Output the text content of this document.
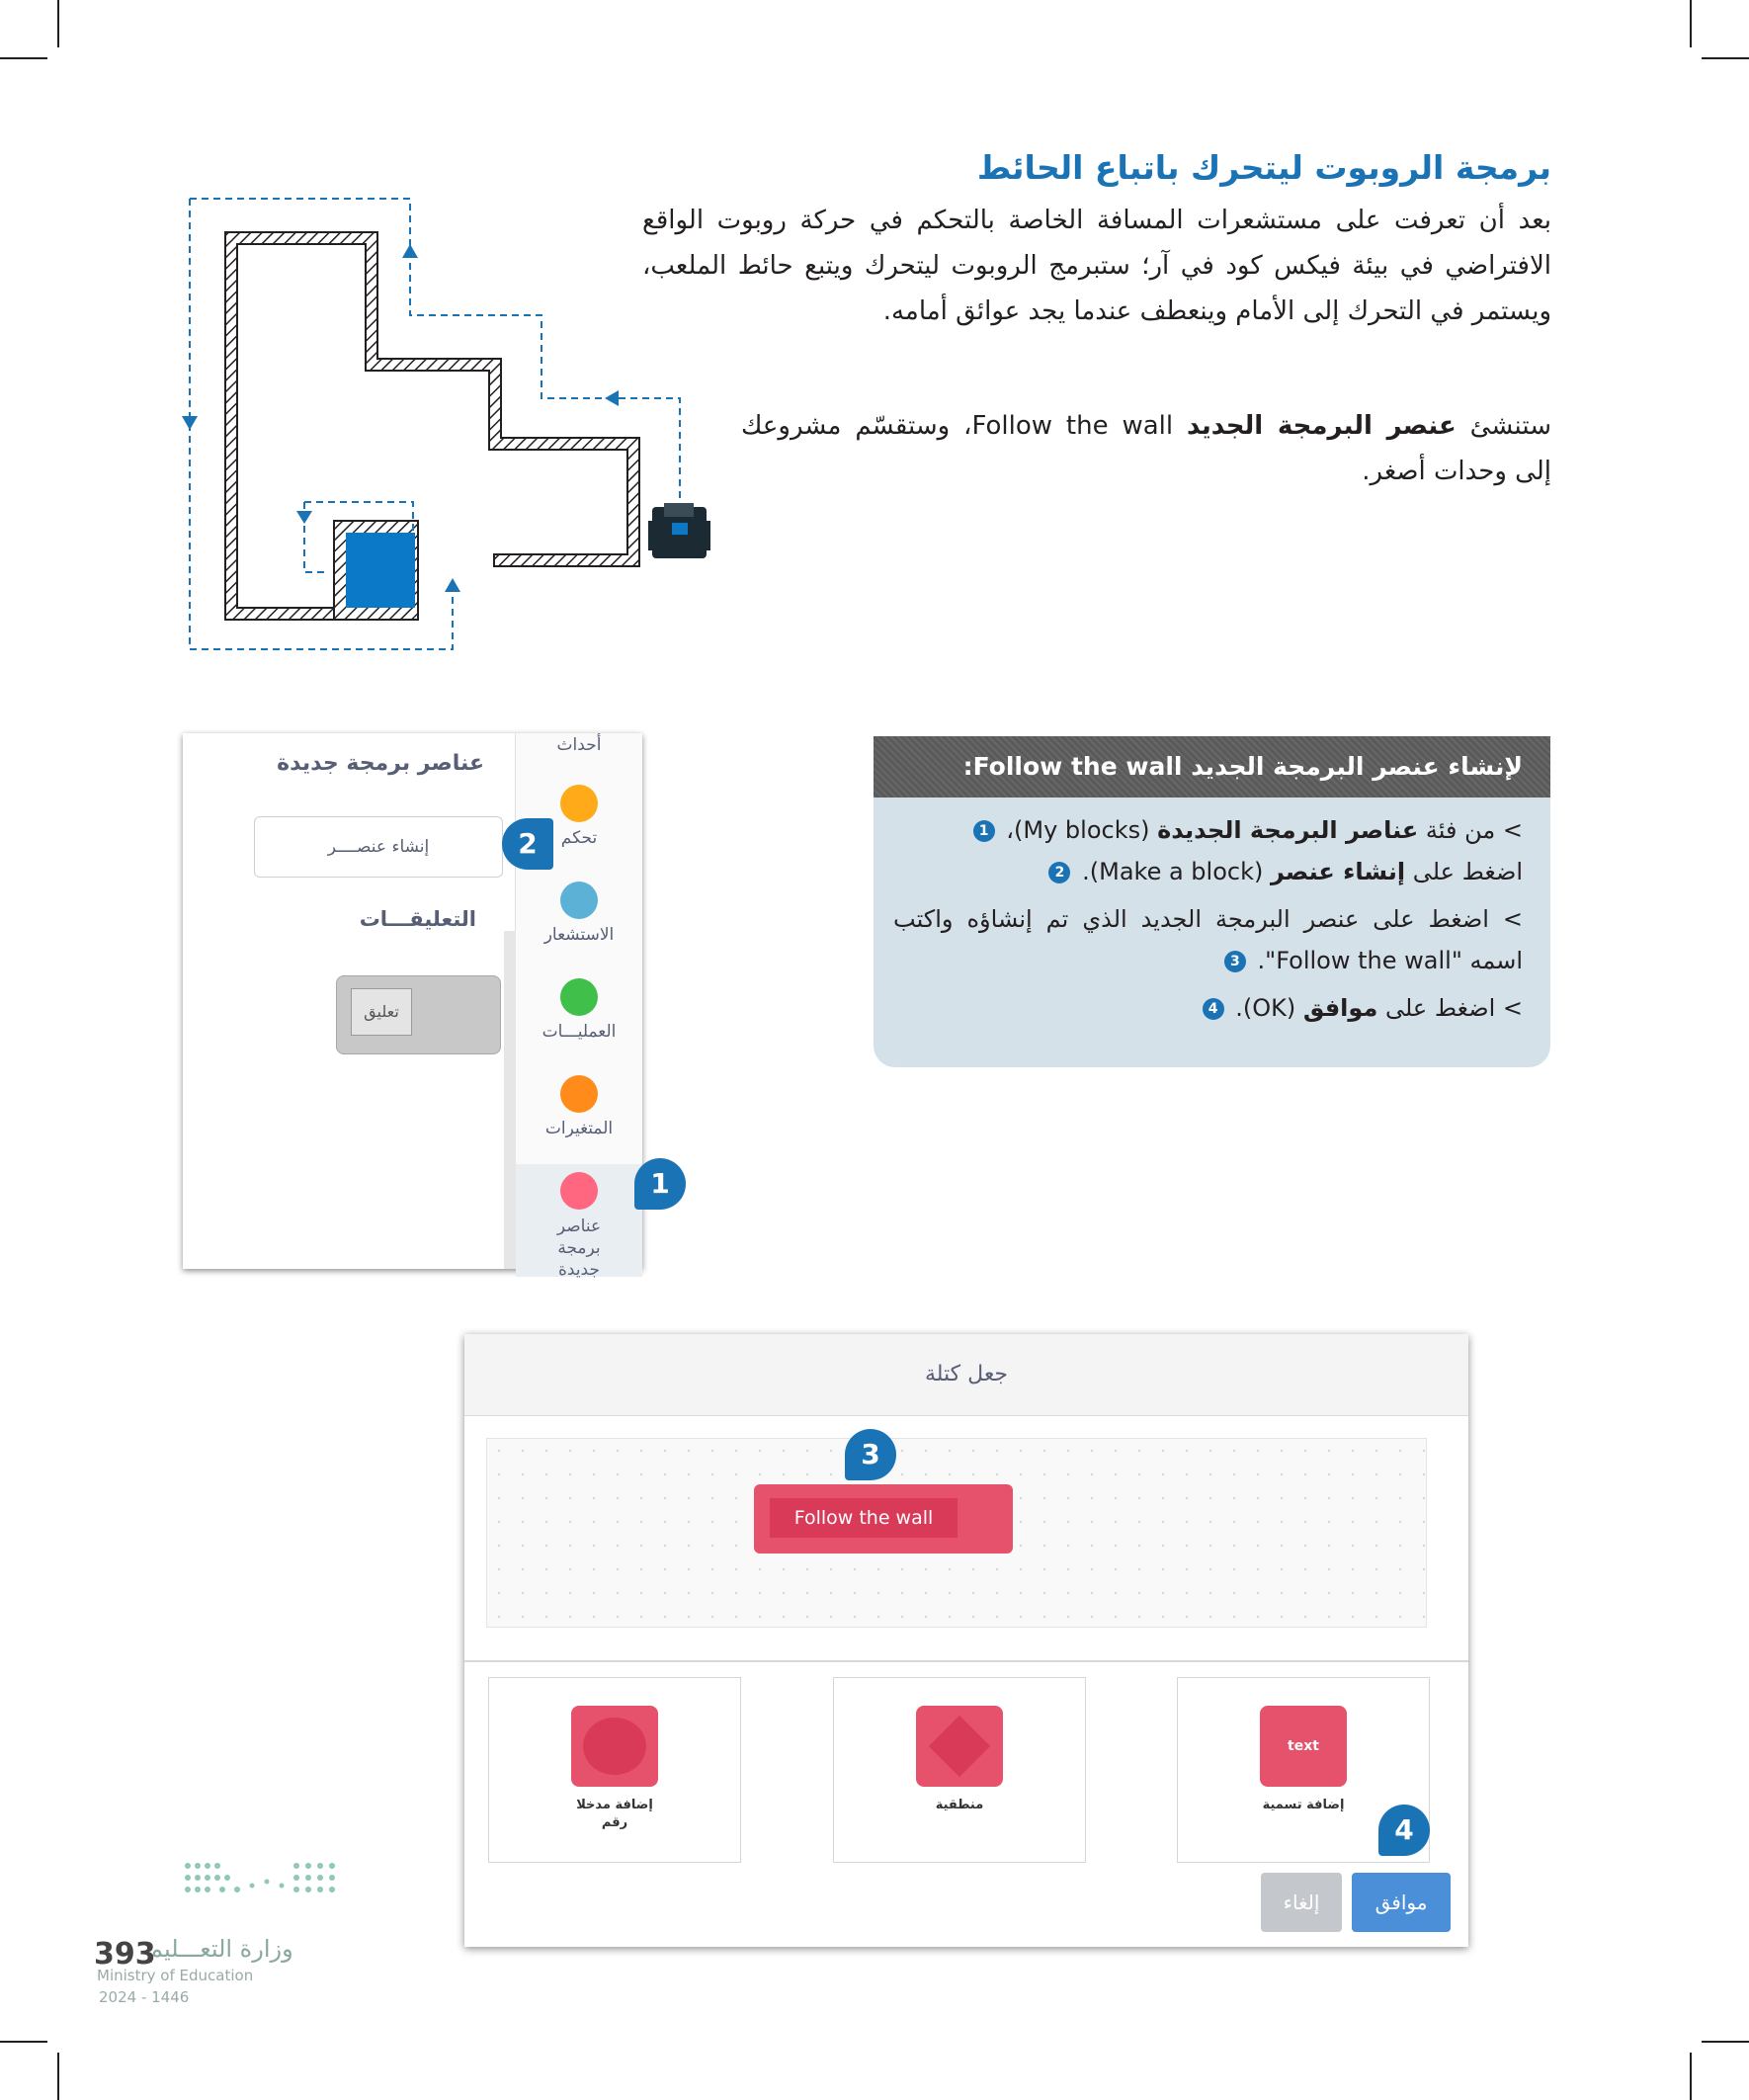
برمجة الروبوت ليتحرك باتباع الحائط
بعد أن تعرفت على مستشعرات المسافة الخاصة بالتحكم في حركة روبوت الواقع الافتراضي في بيئة فيكس كود في آر؛ ستبرمج الروبوت ليتحرك ويتبع حائط الملعب، ويستمر في التحرك إلى الأمام وينعطف عندما يجد عوائق أمامه.
ستنشئ عنصر البرمجة الجديد Follow the wall، وستقسّم مشروعك إلى وحدات أصغر.
لإنشاء عنصر البرمجة الجديد Follow the wall:
> من فئة عناصر البرمجة الجديدة (My blocks)، 1
اضغط على إنشاء عنصر (Make a block). 2
> اضغط على عنصر البرمجة الجديد الذي تم إنشاؤه واكتب اسمه "Follow the wall". 3
> اضغط على موافق (OK). 4
أحداث
تحكم
الاستشعار
العمليـــات
المتغيرات
عناصر برمجة جديدة
عناصر برمجة جديدة
إنشاء عنصــــر
التعليقـــات
تعليق
2
1
جعل كتلة
Follow the wall
إضافة مدخلا رقم
منطقية
text
إضافة تسمية
إلغاء	موافق
3
4
وزارة التعـــليم
393
Ministry of Education
2024 - 1446
